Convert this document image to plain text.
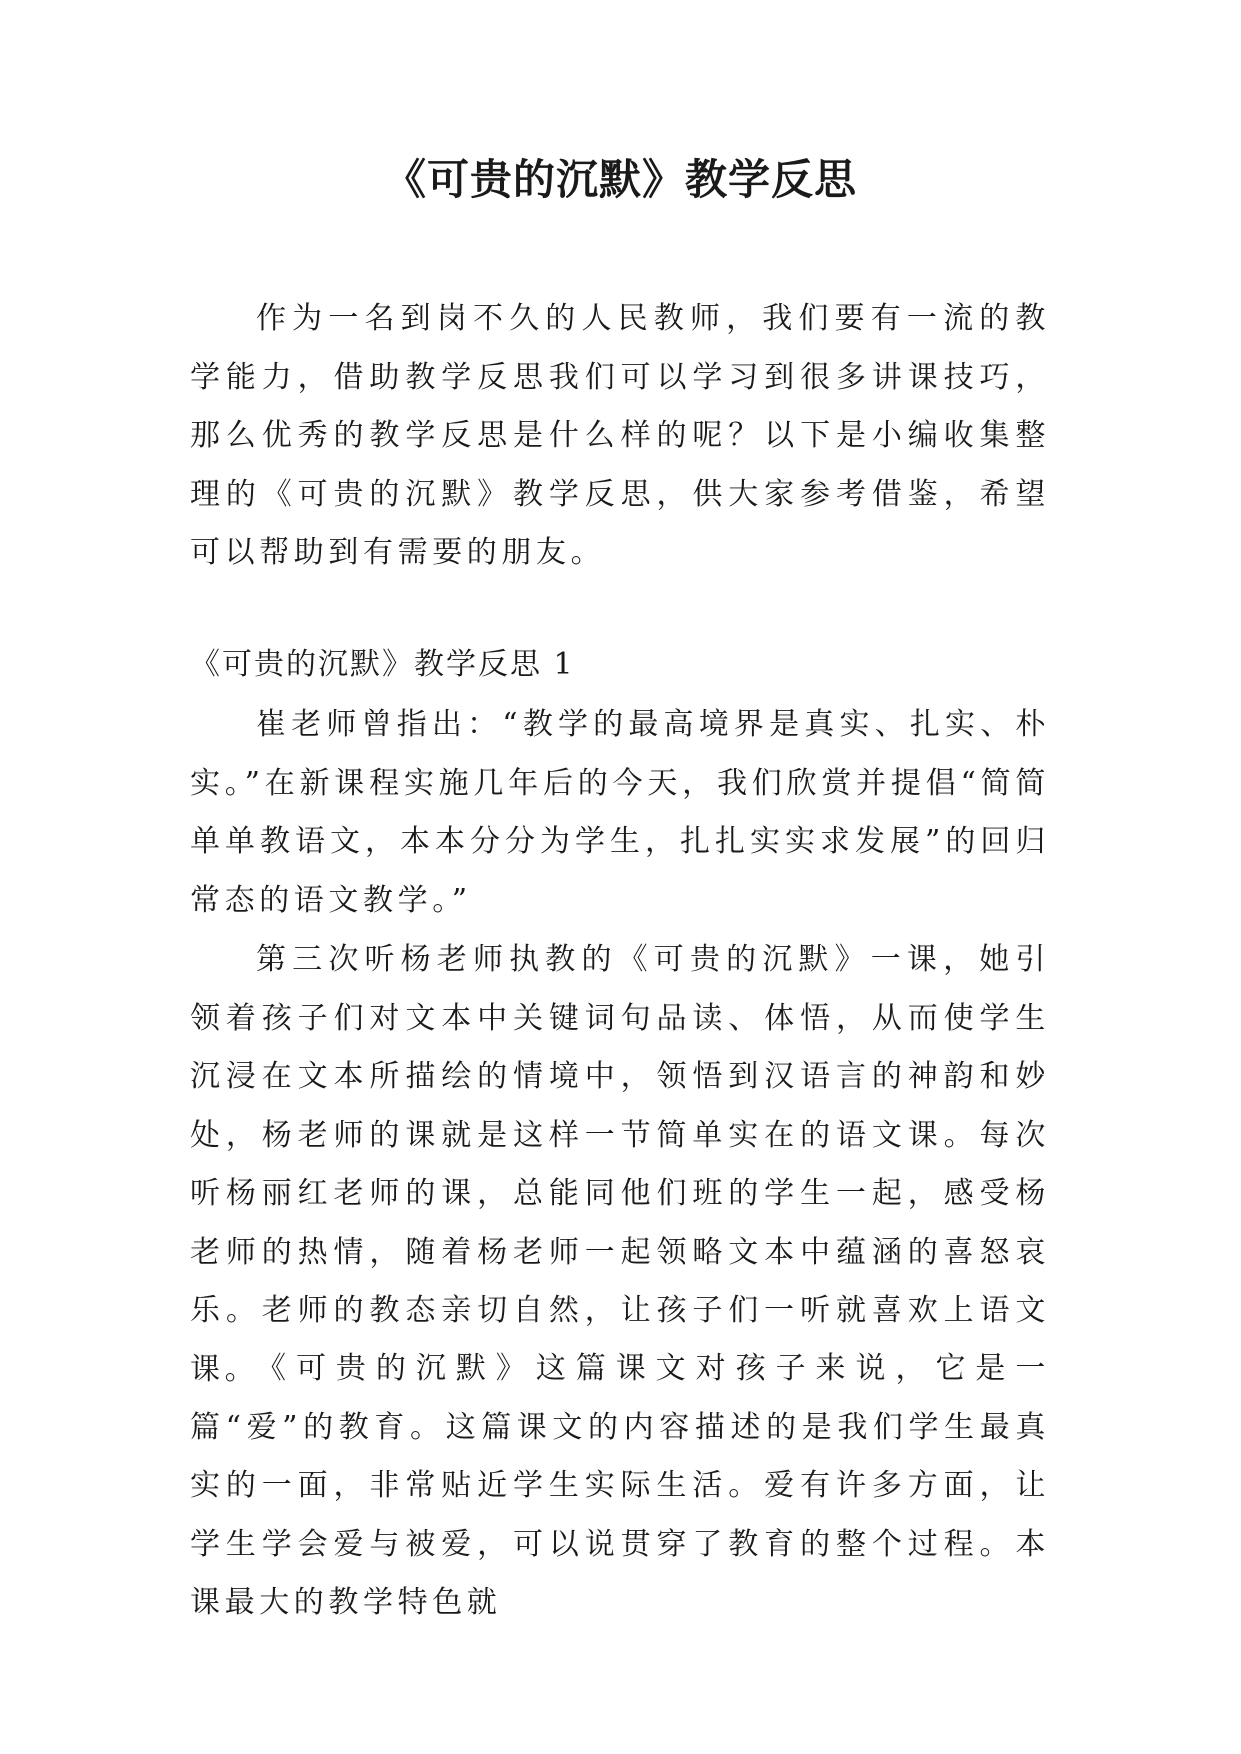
《可贵的沉默》教学反思

作为一名到岗不久的人民教师，我们要有一流的教学能力，借助教学反思我们可以学习到很多讲课技巧，那么优秀的教学反思是什么样的呢？以下是小编收集整理的《可贵的沉默》教学反思，供大家参考借鉴，希望可以帮助到有需要的朋友。

《可贵的沉默》教学反思 1

崔老师曾指出：“教学的最高境界是真实、扎实、朴实。”在新课程实施几年后的今天，我们欣赏并提倡“简简单单教语文，本本分分为学生，扎扎实实求发展”的回归常态的语文教学。”

第三次听杨老师执教的《可贵的沉默》一课，她引领着孩子们对文本中关键词句品读、体悟，从而使学生沉浸在文本所描绘的情境中，领悟到汉语言的神韵和妙处，杨老师的课就是这样一节简单实在的语文课。每次听杨丽红老师的课，总能同他们班的学生一起，感受杨老师的热情，随着杨老师一起领略文本中蕴涵的喜怒哀乐。老师的教态亲切自然，让孩子们一听就喜欢上语文课。

《可贵的沉默》这篇课文对孩子来说，它是一篇“爱”的教育。这篇课文的内容描述的是我们学生最真实的一面，非常贴近学生实际生活。爱有许多方面，让学生学会爱与被爱，可以说贯穿了教育的整个过程。本课最大的教学特色就
